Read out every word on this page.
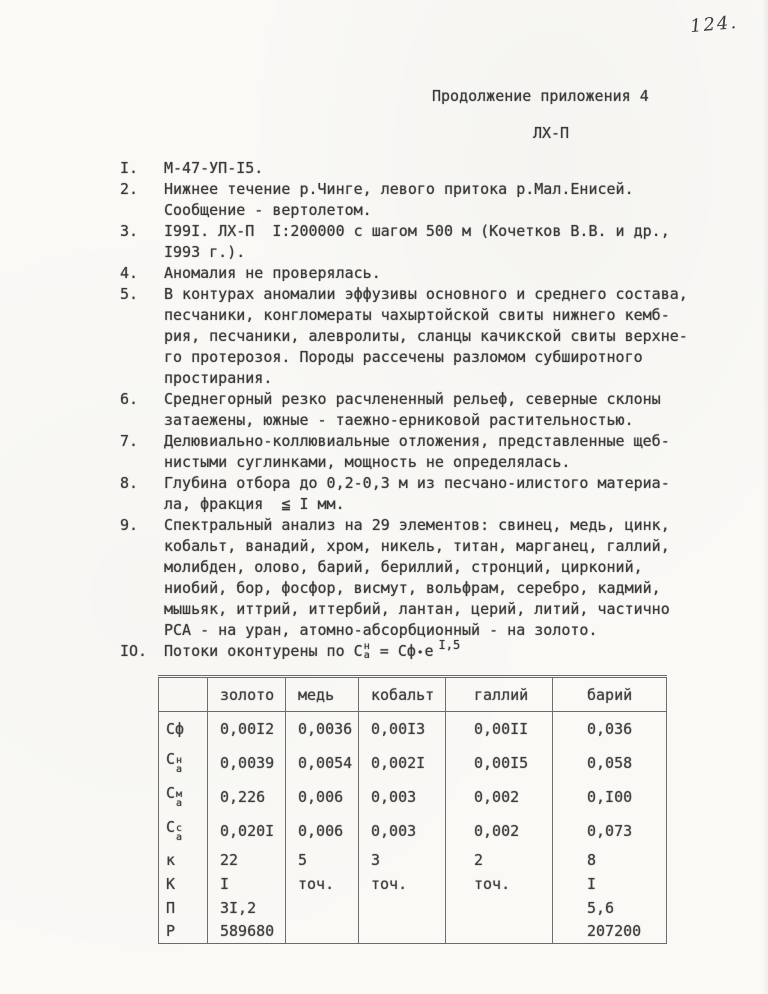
124.
Продолжение приложения 4
ЛХ-П
I.	М-47-УП-I5.
2.	Нижнее течение р.Чинге, левого притока р.Мал.Енисей.
Сообщение - вертолетом.
3.	I99I. ЛХ-П  I:200000 с шагом 500 м (Кочетков В.В. и др.,
I993 г.).
4.	Аномалия не проверялась.
5.	В контурах аномалии эффузивы основного и среднего состава,
песчаники, конгломераты чахыртойской свиты нижнего кемб-
рия, песчаники, алевролиты, сланцы качикской свиты верхне-
го протерозоя. Породы рассечены разломом субширотного
простирания.
6.	Среднегорный резко расчлененный рельеф, северные склоны
затаежены, южные - таежно-ерниковой растительностью.
7.	Делювиально-коллювиальные отложения, представленные щеб-
нистыми суглинками, мощность не определялась.
8.	Глубина отбора до 0,2-0,3 м из песчано-илистого материа-
ла, фракция  ≦ I мм.
9.	Спектральный анализ на 29 элементов: свинец, медь, цинк,
кобальт, ванадий, хром, никель, титан, марганец, галлий,
молибден, олово, барий, бериллий, стронций, цирконий,
ниобий, бор, фосфор, висмут, вольфрам, серебро, кадмий,
мышьяк, иттрий, иттербий, лантан, церий, литий, частично
РСА - на уран, атомно-абсорбционный - на золото.
IO.	Потоки оконтурены по С н
а = Сф • е I,5
	золото	медь	кобальт	галлий	барий
Сф	0,00I2	0,0036	0,00I3	0,00II	0,036
С н
а	0,0039	0,0054	0,002I	0,00I5	0,058
С м
а	0,226	0,006	0,003	0,002	0,I00
С с
а	0,020I	0,006	0,003	0,002	0,073
к	22	5	3	2	8
К	I	точ.	точ.	точ.	I
П	3I,2				5,6
Р	589680				207200
